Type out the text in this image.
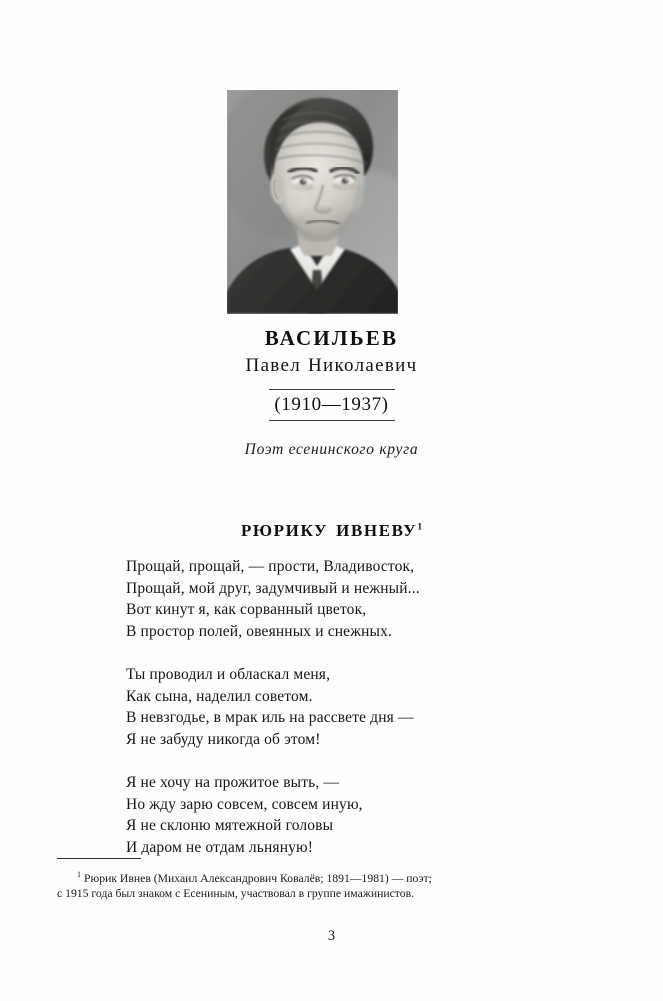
ВАСИЛЬЕВ
Павел Николаевич
(1910—1937)
Поэт есенинского круга
РЮРИКУ ИВНЕВУ$^1$
Прощай, прощай, — прости, Владивосток,
Прощай, мой друг, задумчивый и нежный...
Вот кинут я, как сорванный цветок,
В простор полей, овеянных и снежных.
Ты проводил и обласкал меня,
Как сына, наделил советом.
В невзгодье, в мрак иль на рассвете дня —
Я не забуду никогда об этом!
Я не хочу на прожитое выть, —
Но жду зарю совсем, совсем иную,
Я не склоню мятежной головы
И даром не отдам льняную!
$^1$ Рюрик Ивнев (Михаил Александрович Ковалёв; 1891—1981) — поэт;
с 1915 года был знаком с Есениным, участвовал в группе имажинистов.
3
